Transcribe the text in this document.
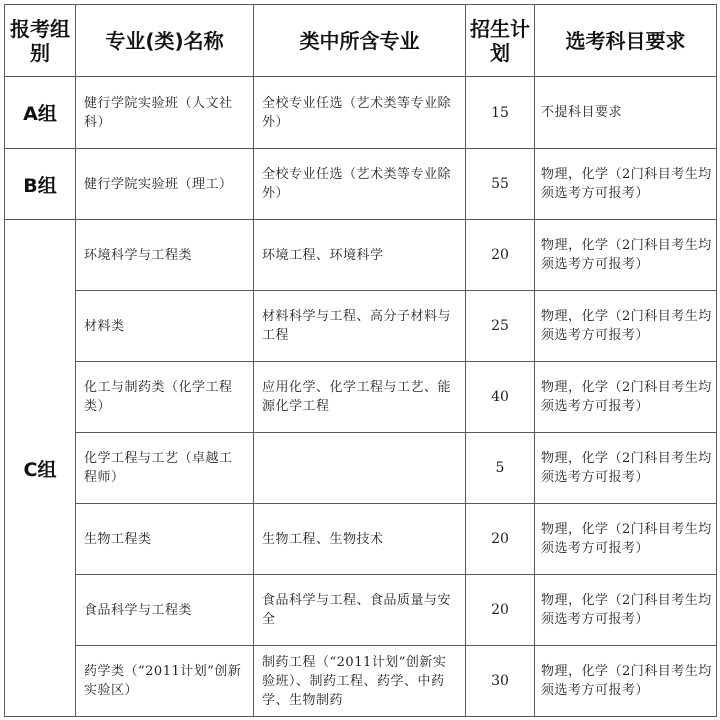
报考组别	专业(类)名称	类中所含专业	招生计划	选考科目要求
A组	健行学院实验班（人文社科）	全校专业任选（艺术类等专业除外）	15	不提科目要求
B组	健行学院实验班（理工）	全校专业任选（艺术类等专业除外）	55	物理，化学（2门科目考生均须选考方可报考）
C组	环境科学与工程类	环境工程、环境科学	20	物理，化学（2门科目考生均须选考方可报考）
	材料类	材料科学与工程、高分子材料与工程	25	物理，化学（2门科目考生均须选考方可报考）
	化工与制药类（化学工程类）	应用化学、化学工程与工艺、能源化学工程	40	物理，化学（2门科目考生均须选考方可报考）
	化学工程与工艺（卓越工程师）		5	物理，化学（2门科目考生均须选考方可报考）
	生物工程类	生物工程、生物技术	20	物理，化学（2门科目考生均须选考方可报考）
	食品科学与工程类	食品科学与工程、食品质量与安全	20	物理，化学（2门科目考生均须选考方可报考）
	药学类（“2011计划”创新实验区）	制药工程（“2011计划”创新实验班）、制药工程、药学、中药学、生物制药	30	物理，化学（2门科目考生均须选考方可报考）
